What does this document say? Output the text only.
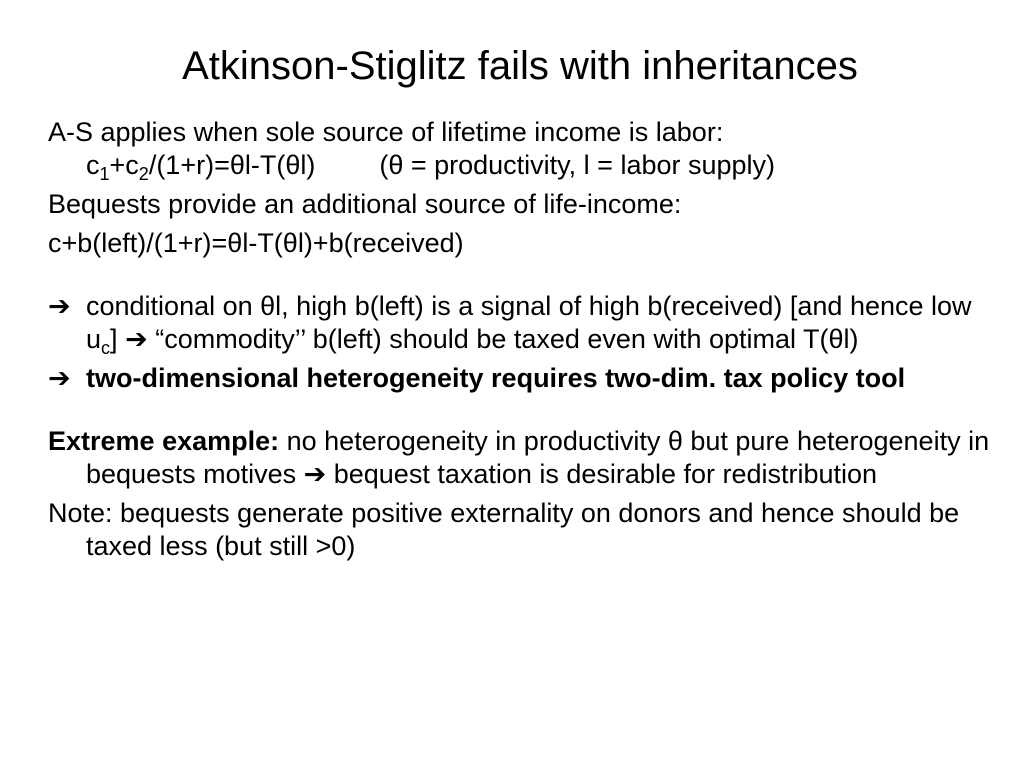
Atkinson-Stiglitz fails with inheritances
A-S applies when sole source of lifetime income is labor:
$c_1+c_2/(1+r)=\theta l-T(\theta l) (\theta$ = productivity, l = labor supply)
Bequests provide an additional source of life-income:
c+b(left)/(1+r)=θl-T(θl)+b(received)
➔ conditional on θl, high b(left) is a signal of high b(received) [and hence low $u_c$] ➔ “commodity’’ b(left) should be taxed even with optimal T(θl)
➔ two-dimensional heterogeneity requires two-dim. tax policy tool
Extreme example: no heterogeneity in productivity θ but pure heterogeneity in bequests motives ➔ bequest taxation is desirable for redistribution
Note: bequests generate positive externality on donors and hence should be taxed less (but still >0)
